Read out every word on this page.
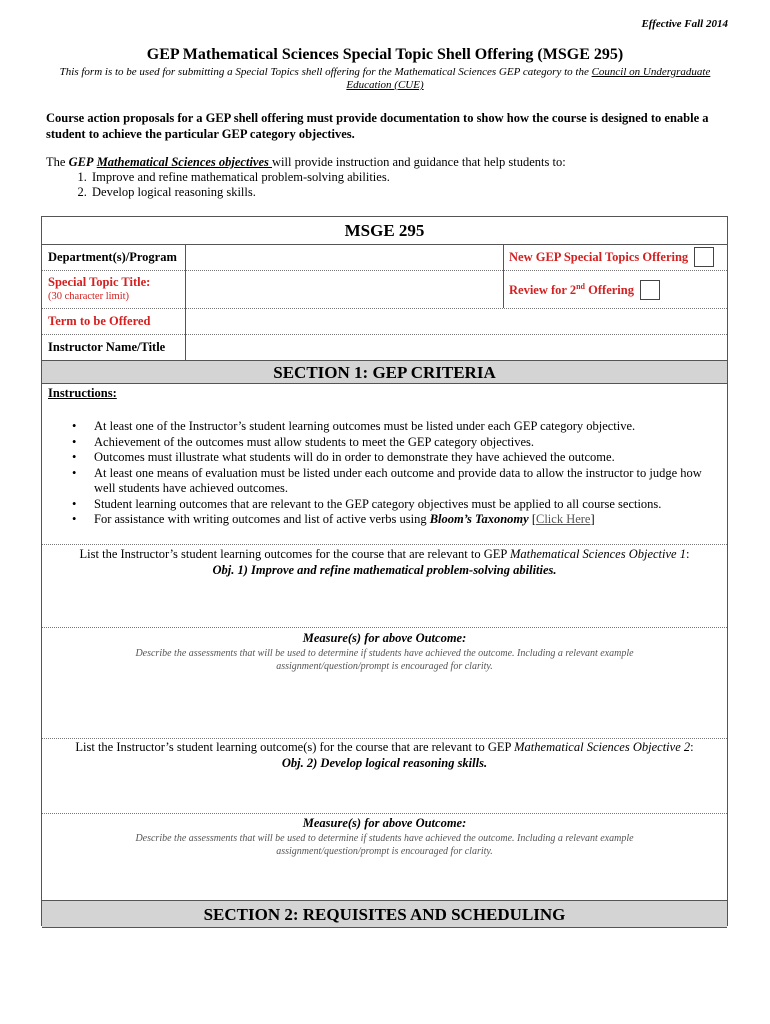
Effective Fall 2014
GEP Mathematical Sciences Special Topic Shell Offering (MSGE 295)
This form is to be used for submitting a Special Topics shell offering for the Mathematical Sciences GEP category to the Council on Undergraduate Education (CUE)
Course action proposals for a GEP shell offering must provide documentation to show how the course is designed to enable a student to achieve the particular GEP category objectives.
The GEP Mathematical Sciences objectives will provide instruction and guidance that help students to:
1. Improve and refine mathematical problem-solving abilities.
2. Develop logical reasoning skills.
MSGE 295
Department(s)/Program	New GEP Special Topics Offering
Special Topic Title:
(30 character limit)	Review for 2nd Offering
Term to be Offered
Instructor Name/Title
SECTION 1: GEP CRITERIA
Instructions:
• At least one of the Instructor’s student learning outcomes must be listed under each GEP category objective.
• Achievement of the outcomes must allow students to meet the GEP category objectives.
• Outcomes must illustrate what students will do in order to demonstrate they have achieved the outcome.
• At least one means of evaluation must be listed under each outcome and provide data to allow the instructor to judge how well students have achieved outcomes.
• Student learning outcomes that are relevant to the GEP category objectives must be applied to all course sections.
• For assistance with writing outcomes and list of active verbs using Bloom’s Taxonomy [Click Here]
List the Instructor’s student learning outcomes for the course that are relevant to GEP Mathematical Sciences Objective 1:
Obj. 1) Improve and refine mathematical problem-solving abilities.
Measure(s) for above Outcome:
Describe the assessments that will be used to determine if students have achieved the outcome. Including a relevant example assignment/question/prompt is encouraged for clarity.
List the Instructor’s student learning outcome(s) for the course that are relevant to GEP Mathematical Sciences Objective 2:
Obj. 2) Develop logical reasoning skills.
Measure(s) for above Outcome:
Describe the assessments that will be used to determine if students have achieved the outcome. Including a relevant example assignment/question/prompt is encouraged for clarity.
SECTION 2: REQUISITES AND SCHEDULING
